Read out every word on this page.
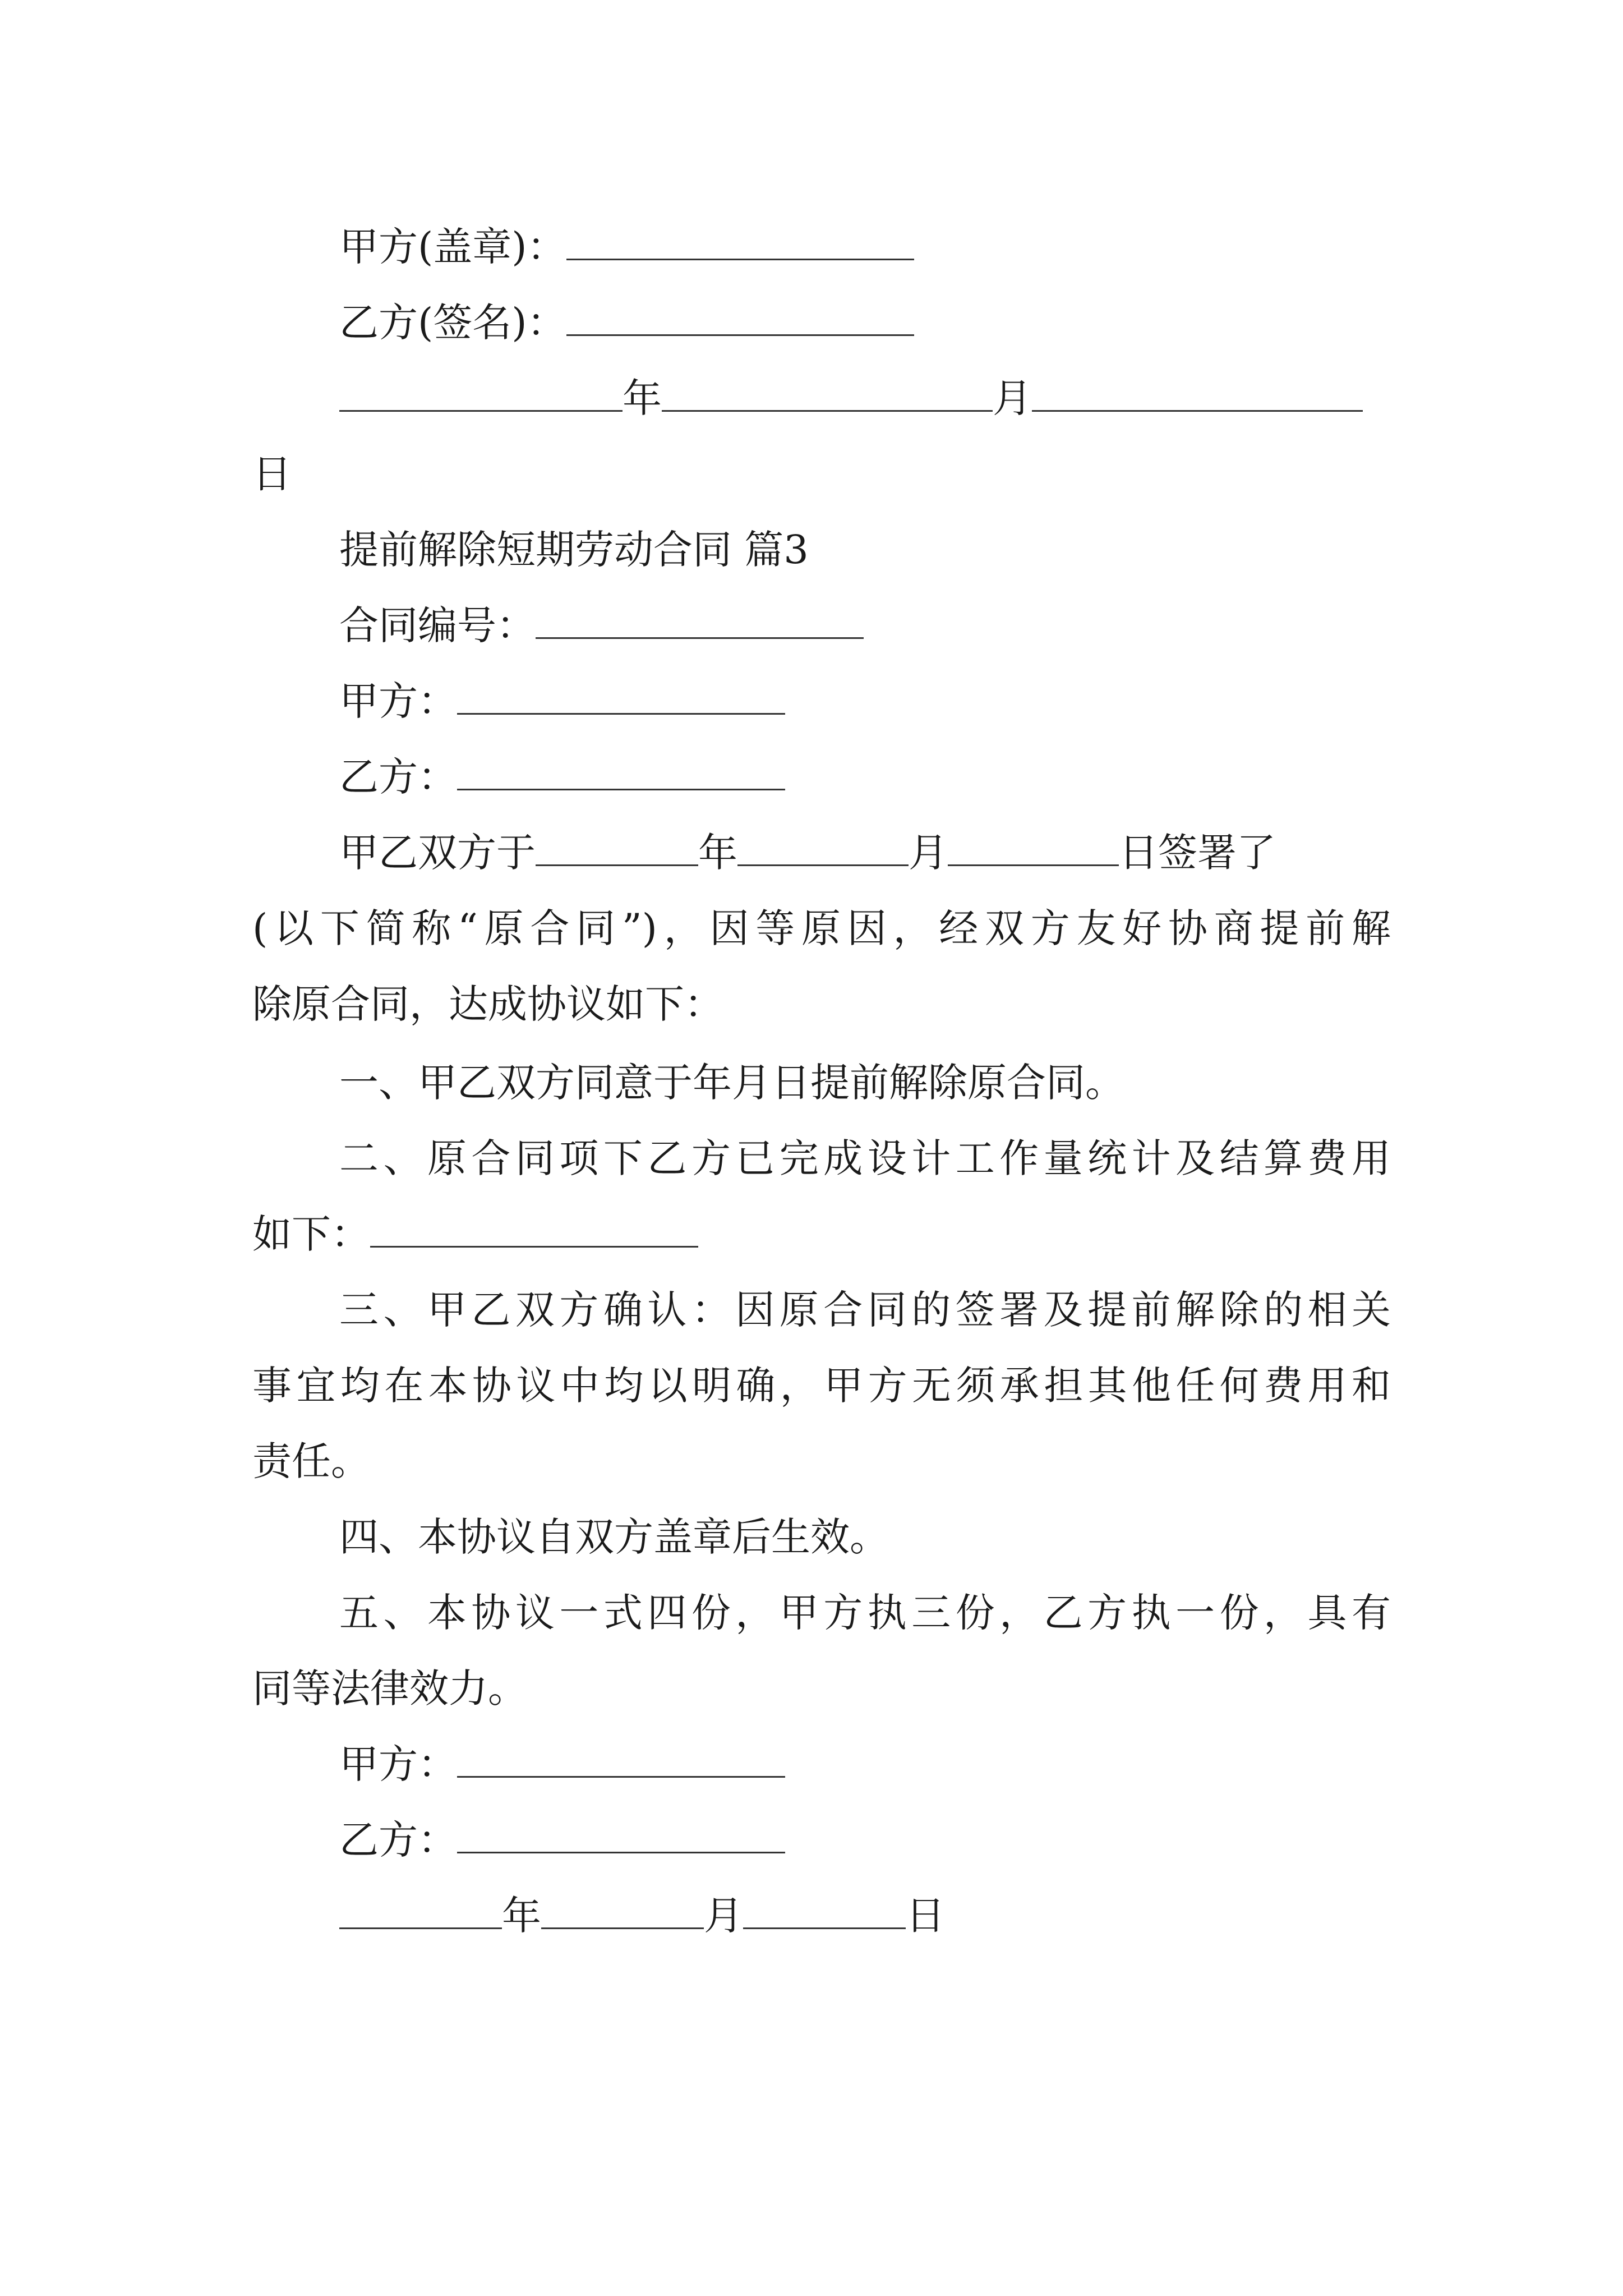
甲方(盖章)：
乙方(签名)：
年	月
日
提前解除短期劳动合同 篇3
合同编号：
甲方：
乙方：
甲乙双方于	年	月	日签署了
(以下简称“原合同”)，因等原因，经双方友好协商提前解
除原合同，达成协议如下：
一、甲乙双方同意于年月日提前解除原合同。
二、原合同项下乙方已完成设计工作量统计及结算费用
如下：
三、甲乙双方确认：因原合同的签署及提前解除的相关
事宜均在本协议中均以明确，甲方无须承担其他任何费用和
责任。
四、本协议自双方盖章后生效。
五、本协议一式四份，甲方执三份，乙方执一份，具有
同等法律效力。
甲方：
乙方：
年	月	日
